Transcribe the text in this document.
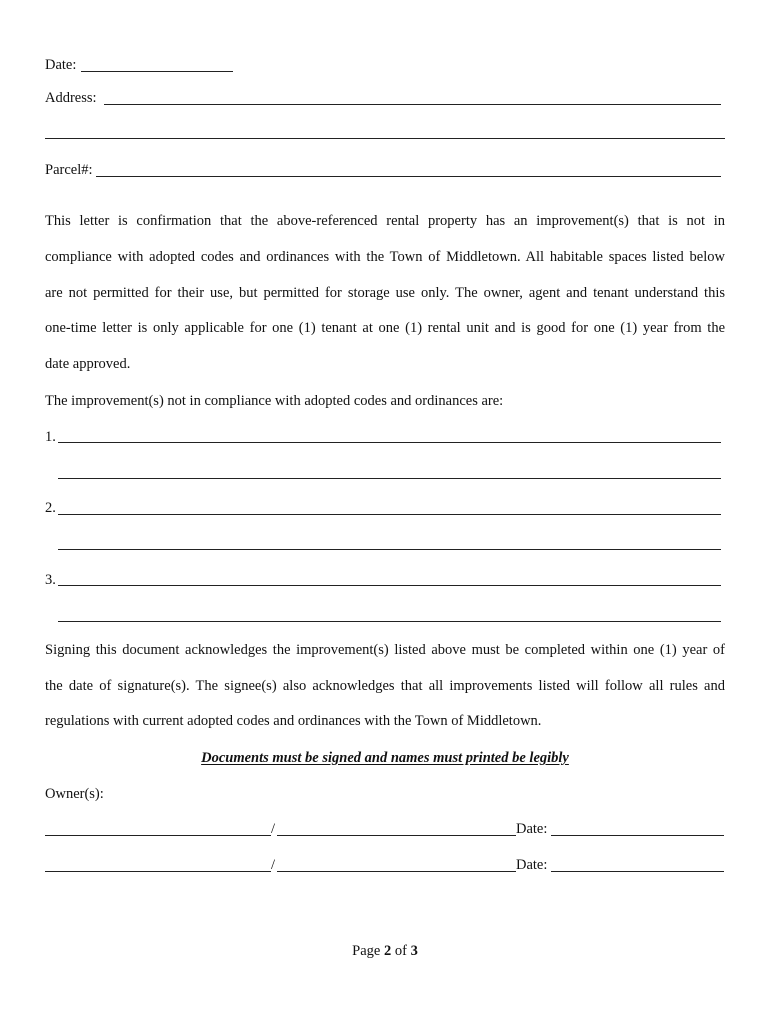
Date:
Address:
Parcel#:
This letter is confirmation that the above-referenced rental property has an improvement(s) that is not in
compliance with adopted codes and ordinances with the Town of Middletown. All habitable spaces listed below
are not permitted for their use, but permitted for storage use only. The owner, agent and tenant understand this
one-time letter is only applicable for one (1) tenant at one (1) rental unit and is good for one (1) year from the
date approved.
The improvement(s) not in compliance with adopted codes and ordinances are:
1.
2.
3.
Signing this document acknowledges the improvement(s) listed above must be completed within one (1) year of
the date of signature(s). The signee(s) also acknowledges that all improvements listed will follow all rules and
regulations with current adopted codes and ordinances with the Town of Middletown.
Documents must be signed and names must printed be legibly
Owner(s):
/	Date:
/	Date:
Page 2 of 3
